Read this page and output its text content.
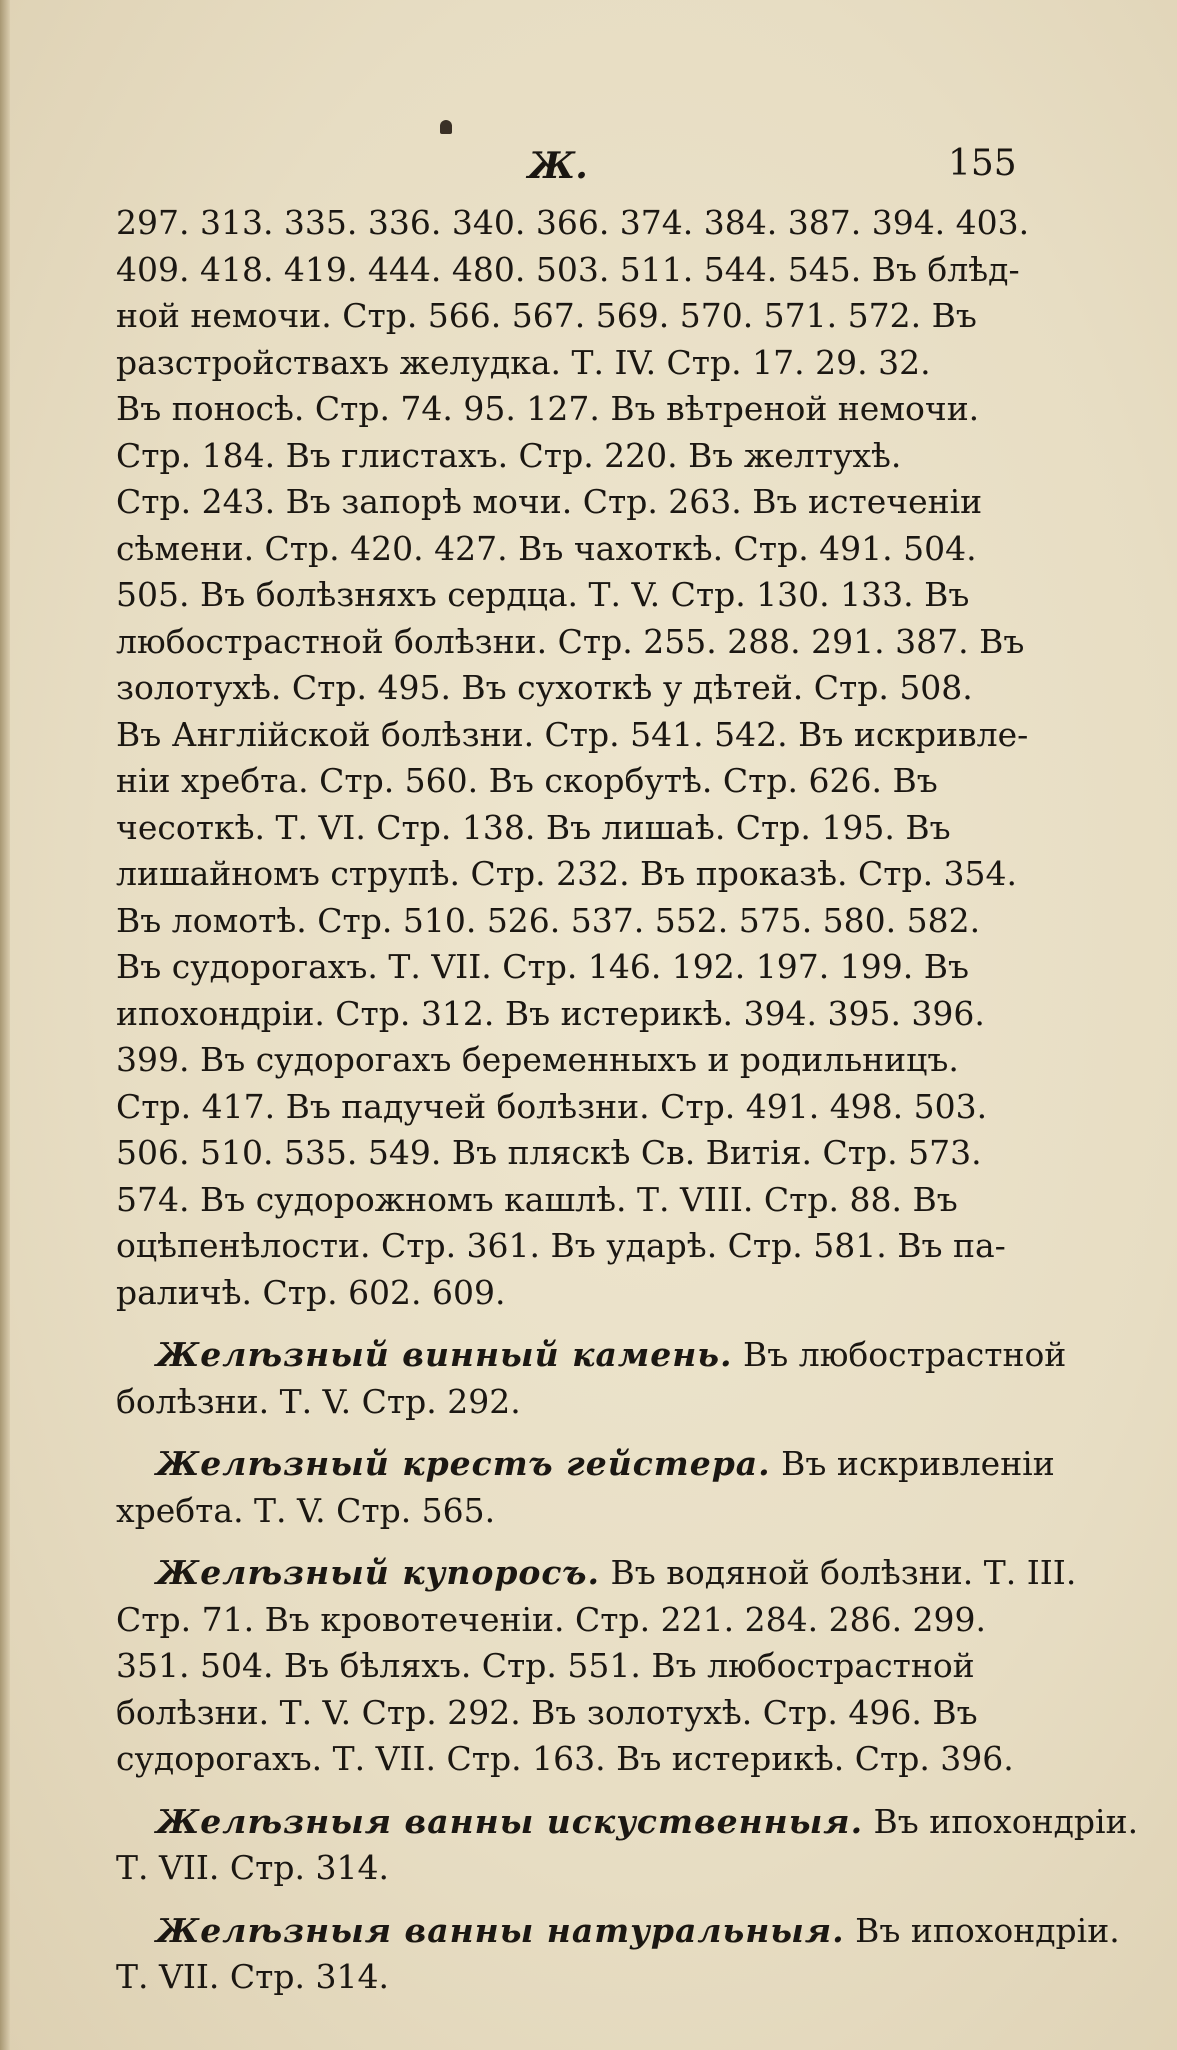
Ж.	155

297. 313. 335. 336. 340. 366. 374. 384. 387. 394. 403.
409. 418. 419. 444. 480. 503. 511. 544. 545. Въ блѣд-
ной немочи. Стр. 566. 567. 569. 570. 571. 572. Въ
разстройствахъ желудка. Т. IV. Стр. 17. 29. 32.
Въ поносѣ. Стр. 74. 95. 127. Въ вѣтреной немочи.
Стр. 184. Въ глистахъ. Стр. 220. Въ желтухѣ.
Стр. 243. Въ запорѣ мочи. Стр. 263. Въ истеченіи
сѣмени. Стр. 420. 427. Въ чахоткѣ. Стр. 491. 504.
505. Въ болѣзняхъ сердца. Т. V. Стр. 130. 133. Въ
любострастной болѣзни. Стр. 255. 288. 291. 387. Въ
золотухѣ. Стр. 495. Въ сухоткѣ у дѣтей. Стр. 508.
Въ Англійской болѣзни. Стр. 541. 542. Въ искривле-
ніи хребта. Стр. 560. Въ скорбутѣ. Стр. 626. Въ
чесоткѣ. Т. VI. Стр. 138. Въ лишаѣ. Стр. 195. Въ
лишайномъ струпѣ. Стр. 232. Въ проказѣ. Стр. 354.
Въ ломотѣ. Стр. 510. 526. 537. 552. 575. 580. 582.
Въ судорогахъ. Т. VII. Стр. 146. 192. 197. 199. Въ
ипохондріи. Стр. 312. Въ истерикѣ. 394. 395. 396.
399. Въ судорогахъ беременныхъ и родильницъ.
Стр. 417. Въ падучей болѣзни. Стр. 491. 498. 503.
506. 510. 535. 549. Въ пляскѣ Св. Витія. Стр. 573.
574. Въ судорожномъ кашлѣ. Т. VIII. Стр. 88. Въ
оцѣпенѣлости. Стр. 361. Въ ударѣ. Стр. 581. Въ па-
раличѣ. Стр. 602. 609.

Желѣзный винный камень. Въ любострастной
болѣзни. Т. V. Стр. 292.

Желѣзный крестъ гейстера. Въ искривленіи
хребта. Т. V. Стр. 565.

Желѣзный купоросъ. Въ водяной болѣзни. Т. III.
Стр. 71. Въ кровотеченіи. Стр. 221. 284. 286. 299.
351. 504. Въ бѣляхъ. Стр. 551. Въ любострастной
болѣзни. Т. V. Стр. 292. Въ золотухѣ. Стр. 496. Въ
судорогахъ. Т. VII. Стр. 163. Въ истерикѣ. Стр. 396.

Желѣзныя ванны искуственныя. Въ ипохондріи.
Т. VII. Стр. 314.

Желѣзныя ванны натуральныя. Въ ипохондріи.
Т. VII. Стр. 314.
